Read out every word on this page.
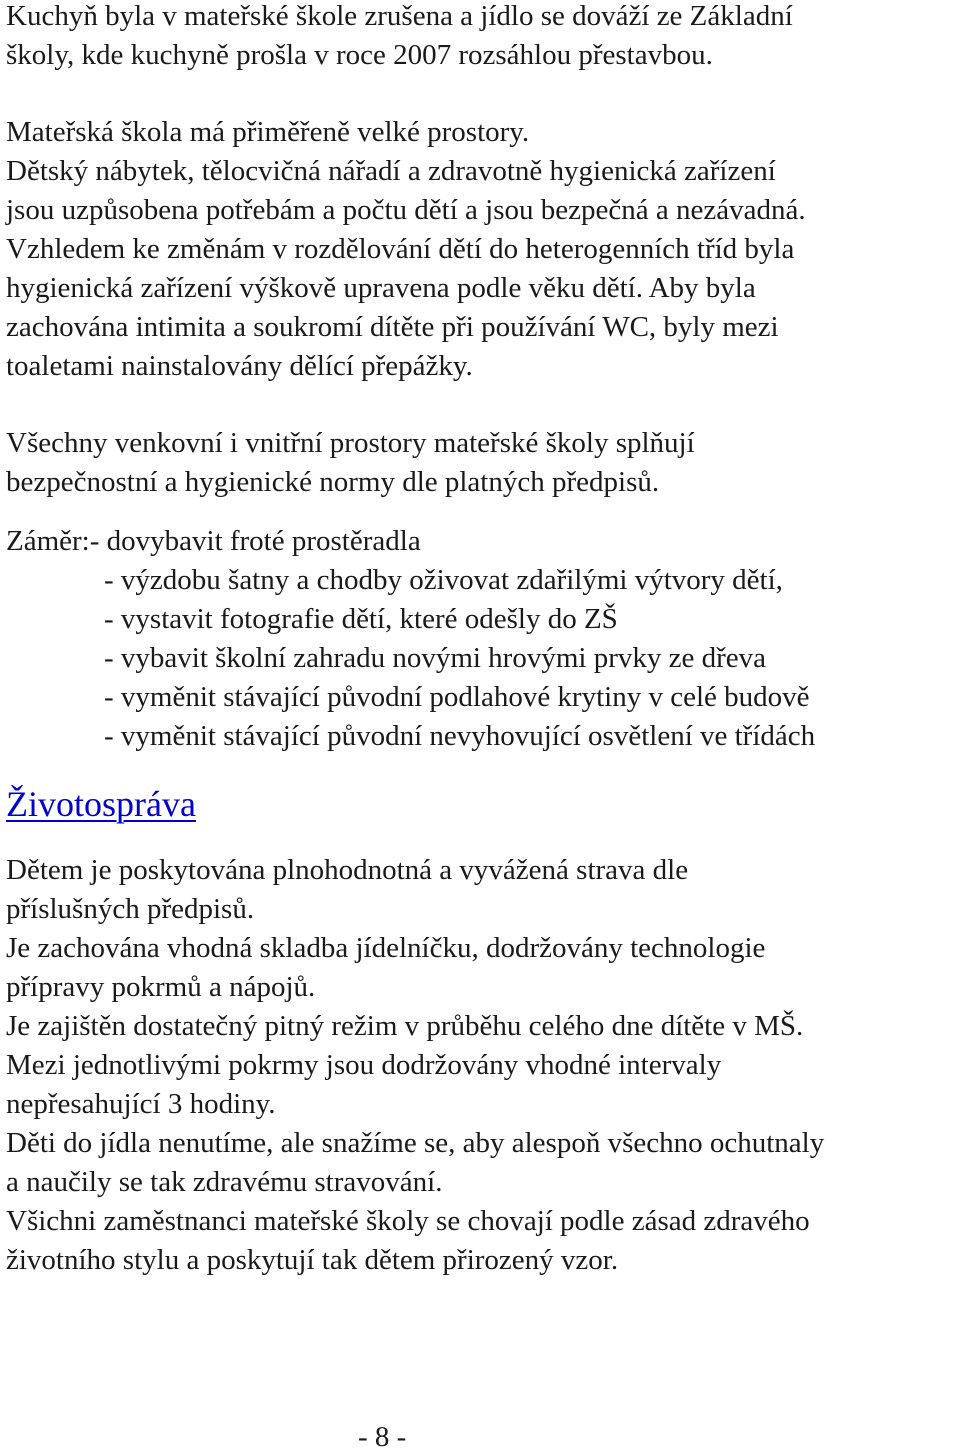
Kuchyň byla v mateřské škole zrušena a jídlo se dováží ze Základní
školy, kde kuchyně prošla v roce 2007 rozsáhlou přestavbou.
Mateřská škola má přiměřeně velké prostory.
Dětský nábytek, tělocvičná nářadí a zdravotně hygienická zařízení
jsou uzpůsobena potřebám a počtu dětí a jsou bezpečná a nezávadná.
Vzhledem ke změnám v rozdělování dětí do heterogenních tříd byla
hygienická zařízení výškově upravena podle věku dětí. Aby byla
zachována intimita a soukromí dítěte při používání WC, byly mezi
toaletami nainstalovány dělící přepážky.
Všechny venkovní i vnitřní prostory mateřské školy splňují
bezpečnostní a hygienické normy dle platných předpisů.
Záměr:- dovybavit froté prostěradla
- výzdobu šatny a chodby oživovat zdařilými výtvory dětí,
- vystavit fotografie dětí, které odešly do ZŠ
- vybavit školní zahradu novými hrovými prvky ze dřeva
- vyměnit stávající původní podlahové krytiny v celé budově
- vyměnit stávající původní nevyhovující osvětlení ve třídách
Životospráva
Dětem je poskytována plnohodnotná a vyvážená strava dle
příslušných předpisů.
Je zachována vhodná skladba jídelníčku, dodržovány technologie
přípravy pokrmů a nápojů.
Je zajištěn dostatečný pitný režim v průběhu celého dne dítěte v MŠ.
Mezi jednotlivými pokrmy jsou dodržovány vhodné intervaly
nepřesahující 3 hodiny.
Děti do jídla nenutíme, ale snažíme se, aby alespoň všechno ochutnaly
a naučily se tak zdravému stravování.
Všichni zaměstnanci mateřské školy se chovají podle zásad zdravého
životního stylu a poskytují tak dětem přirozený vzor.
- 8 -
